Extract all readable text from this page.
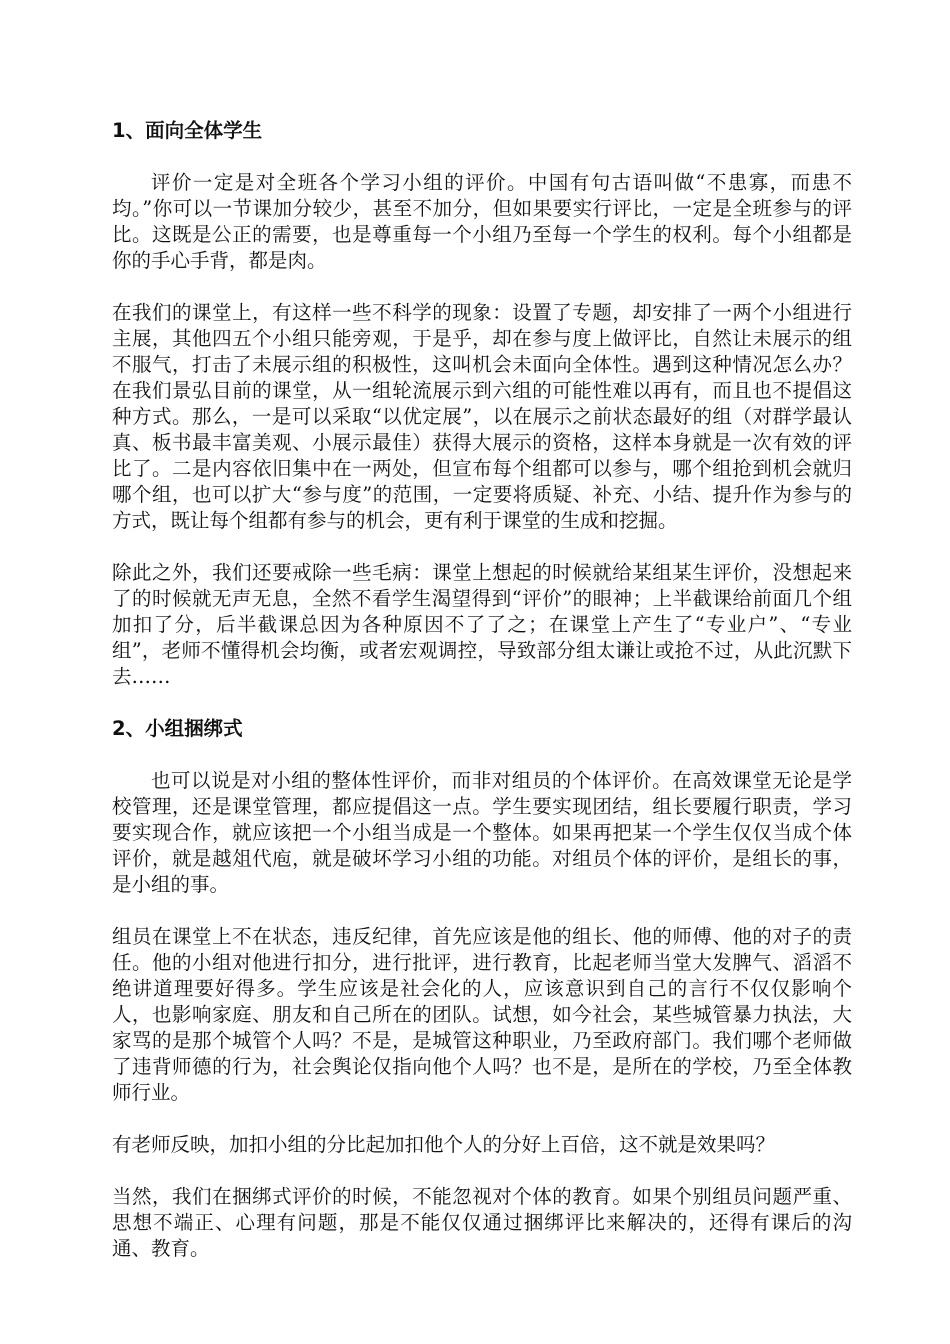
1、面向全体学生

评价一定是对全班各个学习小组的评价。中国有句古语叫做“不患寡，而患不均。”你可以一节课加分较少，甚至不加分，但如果要实行评比，一定是全班参与的评比。这既是公正的需要，也是尊重每一个小组乃至每一个学生的权利。每个小组都是你的手心手背，都是肉。

在我们的课堂上，有这样一些不科学的现象：设置了专题，却安排了一两个小组进行主展，其他四五个小组只能旁观，于是乎，却在参与度上做评比，自然让未展示的组不服气，打击了未展示组的积极性，这叫机会未面向全体性。遇到这种情况怎么办？在我们景弘目前的课堂，从一组轮流展示到六组的可能性难以再有，而且也不提倡这种方式。那么，一是可以采取“以优定展”，以在展示之前状态最好的组（对群学最认真、板书最丰富美观、小展示最佳）获得大展示的资格，这样本身就是一次有效的评比了。二是内容依旧集中在一两处，但宣布每个组都可以参与，哪个组抢到机会就归哪个组，也可以扩大“参与度”的范围，一定要将质疑、补充、小结、提升作为参与的方式，既让每个组都有参与的机会，更有利于课堂的生成和挖掘。

除此之外，我们还要戒除一些毛病：课堂上想起的时候就给某组某生评价，没想起来了的时候就无声无息，全然不看学生渴望得到“评价”的眼神；上半截课给前面几个组加扣了分，后半截课总因为各种原因不了了之；在课堂上产生了“专业户”、“专业组”，老师不懂得机会均衡，或者宏观调控，导致部分组太谦让或抢不过，从此沉默下去……

2、小组捆绑式

也可以说是对小组的整体性评价，而非对组员的个体评价。在高效课堂无论是学校管理，还是课堂管理，都应提倡这一点。学生要实现团结，组长要履行职责，学习要实现合作，就应该把一个小组当成是一个整体。如果再把某一个学生仅仅当成个体评价，就是越俎代庖，就是破坏学习小组的功能。对组员个体的评价，是组长的事，是小组的事。

组员在课堂上不在状态，违反纪律，首先应该是他的组长、他的师傅、他的对子的责任。他的小组对他进行扣分，进行批评，进行教育，比起老师当堂大发脾气、滔滔不绝讲道理要好得多。学生应该是社会化的人，应该意识到自己的言行不仅仅影响个人，也影响家庭、朋友和自己所在的团队。试想，如今社会，某些城管暴力执法，大家骂的是那个城管个人吗？不是，是城管这种职业，乃至政府部门。我们哪个老师做了违背师德的行为，社会舆论仅指向他个人吗？也不是，是所在的学校，乃至全体教师行业。

有老师反映，加扣小组的分比起加扣他个人的分好上百倍，这不就是效果吗？

当然，我们在捆绑式评价的时候，不能忽视对个体的教育。如果个别组员问题严重、思想不端正、心理有问题，那是不能仅仅通过捆绑评比来解决的，还得有课后的沟通、教育。
